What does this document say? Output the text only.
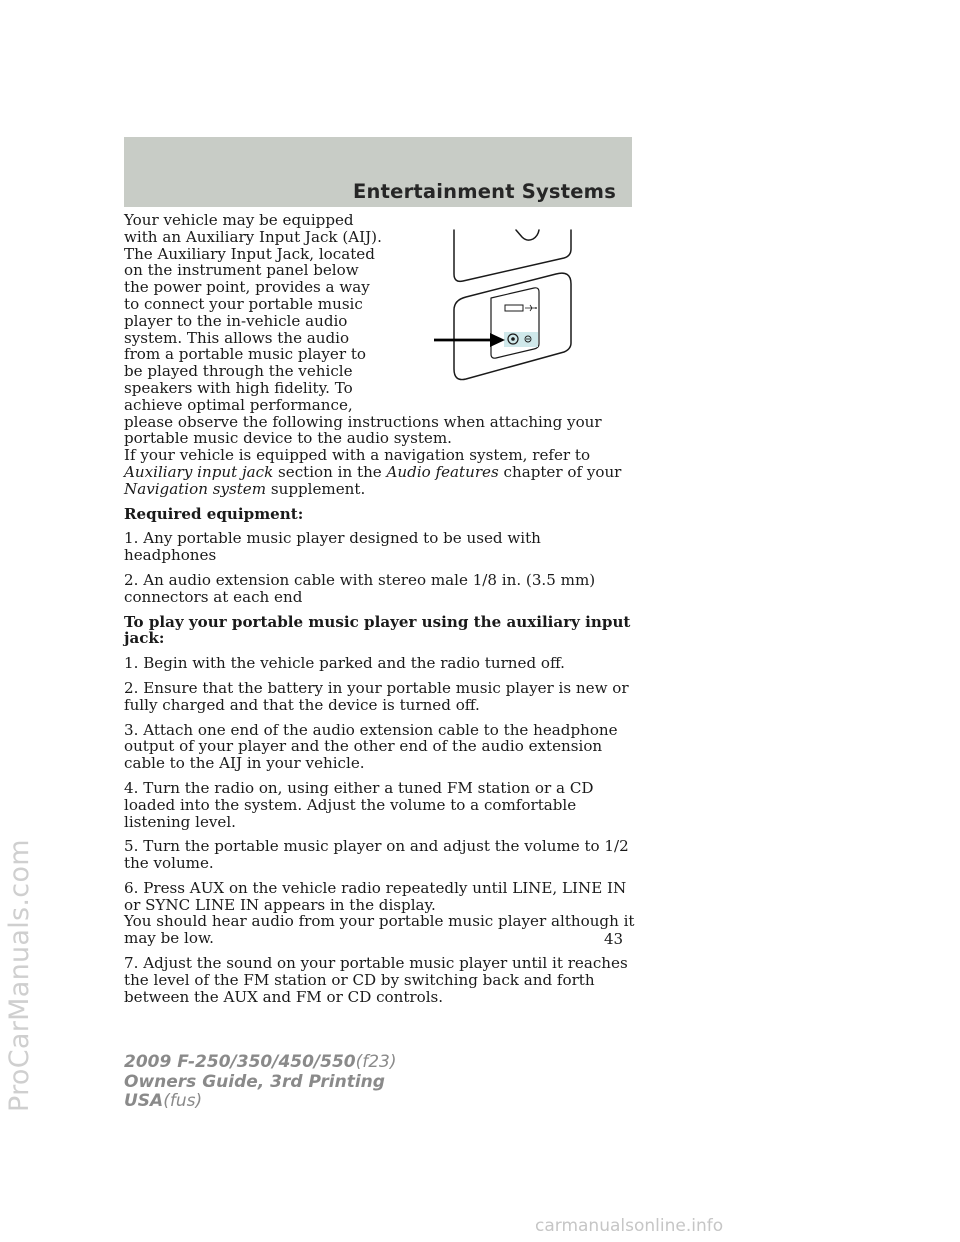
Entertainment Systems

Your vehicle may be equipped with an Auxiliary Input Jack (AIJ). The Auxiliary Input Jack, located on the instrument panel below the power point, provides a way to connect your portable music player to the in-vehicle audio system. This allows the audio from a portable music player to be played through the vehicle speakers with high fidelity. To achieve optimal performance,

please observe the following instructions when attaching your portable music device to the audio system.

If your vehicle is equipped with a navigation system, refer to Auxiliary input jack section in the Audio features chapter of your Navigation system supplement.

Required equipment:

1. Any portable music player designed to be used with headphones

2. An audio extension cable with stereo male 1/8 in. (3.5 mm) connectors at each end

To play your portable music player using the auxiliary input jack:

1. Begin with the vehicle parked and the radio turned off.

2. Ensure that the battery in your portable music player is new or fully charged and that the device is turned off.

3. Attach one end of the audio extension cable to the headphone output of your player and the other end of the audio extension cable to the AIJ in your vehicle.

4. Turn the radio on, using either a tuned FM station or a CD loaded into the system. Adjust the volume to a comfortable listening level.

5. Turn the portable music player on and adjust the volume to 1/2 the volume.

6. Press AUX on the vehicle radio repeatedly until LINE, LINE IN or SYNC LINE IN appears in the display.

You should hear audio from your portable music player although it may be low.

7. Adjust the sound on your portable music player until it reaches the level of the FM station or CD by switching back and forth between the AUX and FM or CD controls.

43
2009 F-250/350/450/550(f23)
Owners Guide, 3rd Printing
USA(fus)
ProCarManuals.com
carmanualsonline.info
